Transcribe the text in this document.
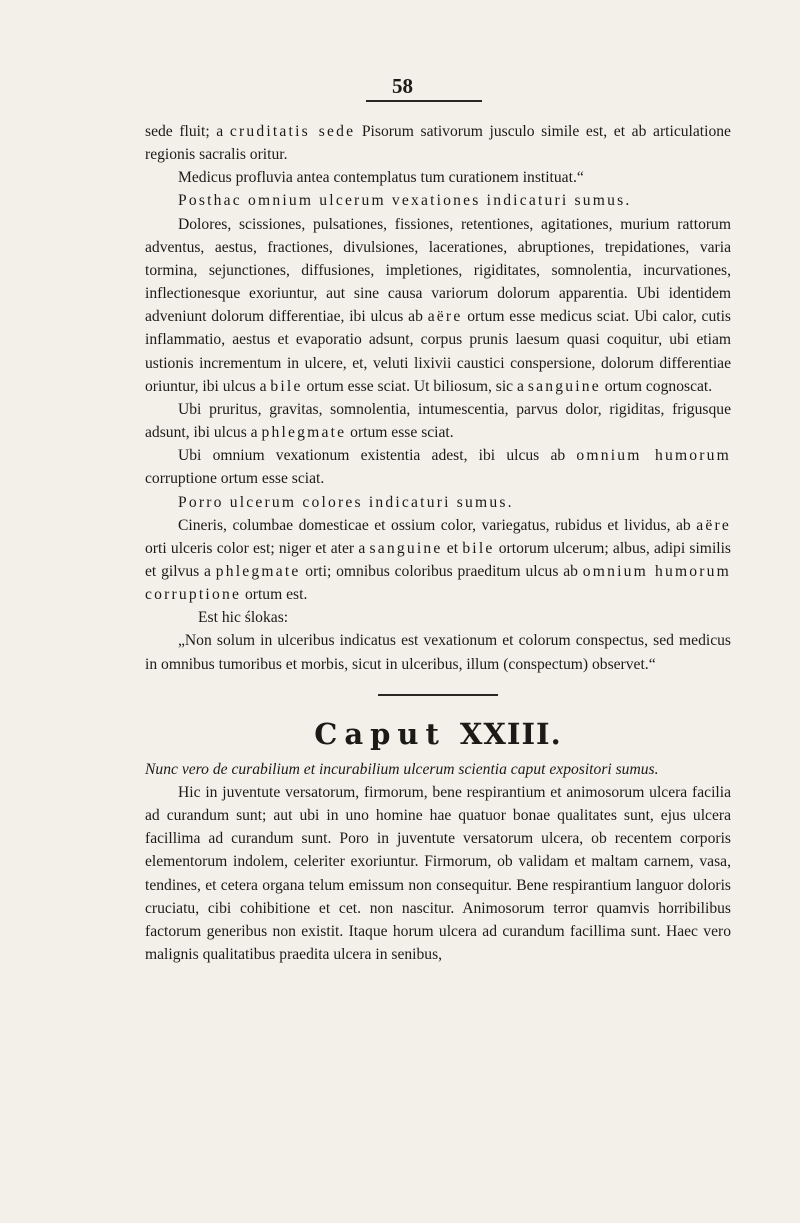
58

sede fluit; a cruditatis sede Pisorum sativorum jusculo simile est, et ab articulatione regionis sacralis oritur.

Medicus profluvia antea contemplatus tum curationem instituat.“

Posthac omnium ulcerum vexationes indicaturi sumus.

Dolores, scissiones, pulsationes, fissiones, retentiones, agitationes, murium rattorum adventus, aestus, fractiones, divulsiones, lacerationes, abruptiones, trepidationes, varia tormina, sejunctiones, diffusiones, impletiones, rigiditates, somnolentia, incurvationes, inflectionesque exoriuntur, aut sine causa variorum dolorum apparentia. Ubi identidem adveniunt dolorum differentiae, ibi ulcus ab aëre ortum esse medicus sciat. Ubi calor, cutis inflammatio, aestus et evaporatio adsunt, corpus prunis laesum quasi coquitur, ubi etiam ustionis incrementum in ulcere, et, veluti lixivii caustici conspersione, dolorum differentiae oriuntur, ibi ulcus a bile ortum esse sciat. Ut biliosum, sic a sanguine ortum cognoscat.

Ubi pruritus, gravitas, somnolentia, intumescentia, parvus dolor, rigiditas, frigusque adsunt, ibi ulcus a phlegmate ortum esse sciat.

Ubi omnium vexationum existentia adest, ibi ulcus ab omnium humorum corruptione ortum esse sciat.

Porro ulcerum colores indicaturi sumus.

Cineris, columbae domesticae et ossium color, variegatus, rubidus et lividus, ab aëre orti ulceris color est; niger et ater a sanguine et bile ortorum ulcerum; albus, adipi similis et gilvus a phlegmate orti; omnibus coloribus praeditum ulcus ab omnium humorum corruptione ortum est.

Est hic ślokas:

„Non solum in ulceribus indicatus est vexationum et colorum conspectus, sed medicus in omnibus tumoribus et morbis, sicut in ulceribus, illum (conspectum) observet.“

Caput XXIII.

Nunc vero de curabilium et incurabilium ulcerum scientia caput expositori sumus.

Hic in juventute versatorum, firmorum, bene respirantium et animosorum ulcera facilia ad curandum sunt; aut ubi in uno homine hae quatuor bonae qualitates sunt, ejus ulcera facillima ad curandum sunt. Poro in juventute versatorum ulcera, ob recentem corporis elementorum indolem, celeriter exoriuntur. Firmorum, ob validam et maltam carnem, vasa, tendines, et cetera organa telum emissum non consequitur. Bene respirantium languor doloris cruciatu, cibi cohibitione et cet. non nascitur. Animosorum terror quamvis horribilibus factorum generibus non existit. Itaque horum ulcera ad curandum facillima sunt. Haec vero malignis qualitatibus praedita ulcera in senibus,
